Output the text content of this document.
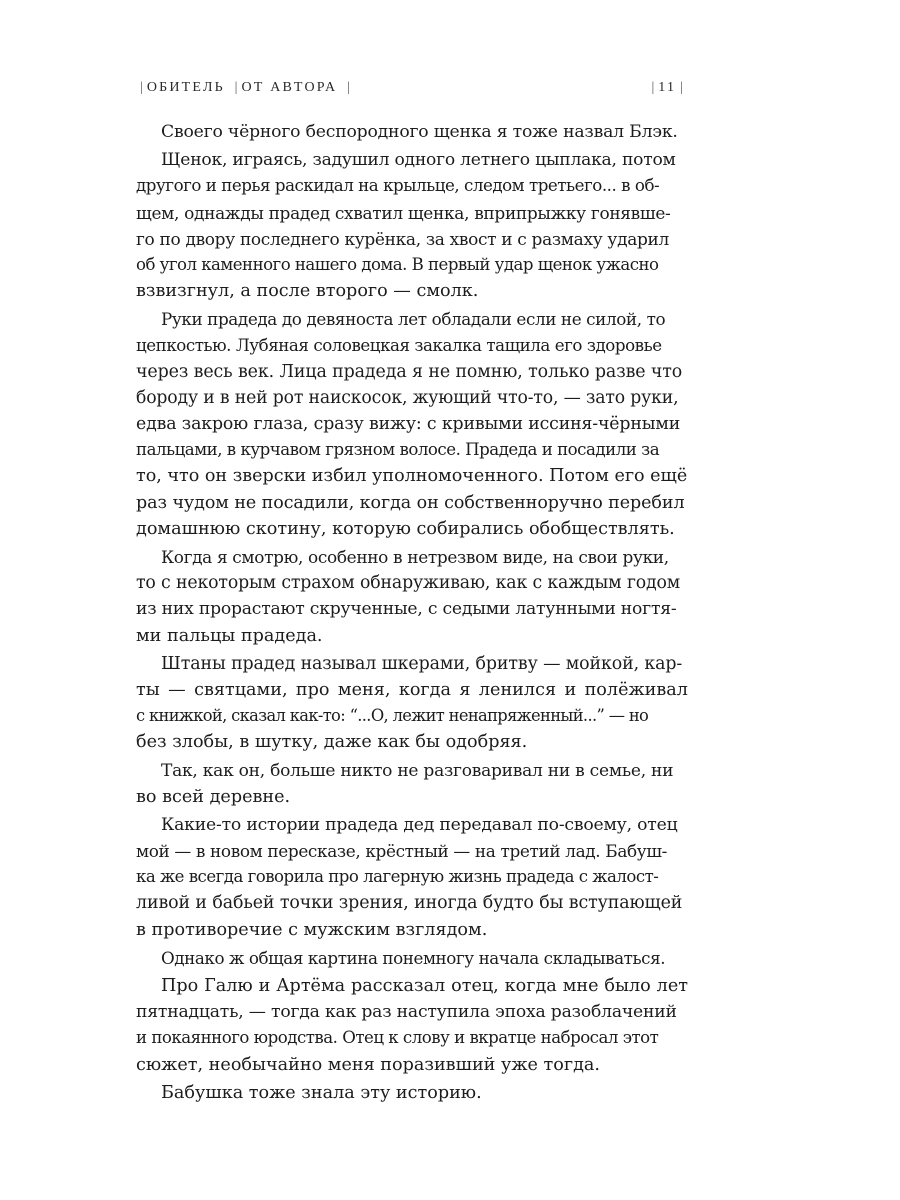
| ОБИТЕЛЬ | ОТ АВТОРА |	| 11 |
Своего чёрного беспородного щенка я тоже назвал Блэк.
Щенок, играясь, задушил одного летнего цыплака, потом
другого и перья раскидал на крыльце, следом третьего... в об-
щем, однажды прадед схватил щенка, вприпрыжку гонявше-
го по двору последнего курёнка, за хвост и с размаху ударил
об угол каменного нашего дома. В первый удар щенок ужасно
взвизгнул, а после второго — смолк.
Руки прадеда до девяноста лет обладали если не силой, то
цепкостью. Лубяная соловецкая закалка тащила его здоровье
через весь век. Лица прадеда я не помню, только разве что
бороду и в ней рот наискосок, жующий что-то, — зато руки,
едва закрою глаза, сразу вижу: с кривыми иссиня-чёрными
пальцами, в курчавом грязном волосе. Прадеда и посадили за
то, что он зверски избил уполномоченного. Потом его ещё
раз чудом не посадили, когда он собственноручно перебил
домашнюю скотину, которую собирались обобществлять.
Когда я смотрю, особенно в нетрезвом виде, на свои руки,
то с некоторым страхом обнаруживаю, как с каждым годом
из них прорастают скрученные, с седыми латунными ногтя-
ми пальцы прадеда.
Штаны прадед называл шкерами, бритву — мойкой, кар-
ты — святцами, про меня, когда я ленился и полёживал
с книжкой, сказал как-то: “...О, лежит ненапряженный...” — но
без злобы, в шутку, даже как бы одобряя.
Так, как он, больше никто не разговаривал ни в семье, ни
во всей деревне.
Какие-то истории прадеда дед передавал по-своему, отец
мой — в новом пересказе, крёстный — на третий лад. Бабуш-
ка же всегда говорила про лагерную жизнь прадеда с жалост-
ливой и бабьей точки зрения, иногда будто бы вступающей
в противоречие с мужским взглядом.
Однако ж общая картина понемногу начала складываться.
Про Галю и Артёма рассказал отец, когда мне было лет
пятнадцать, — тогда как раз наступила эпоха разоблачений
и покаянного юродства. Отец к слову и вкратце набросал этот
сюжет, необычайно меня поразивший уже тогда.
Бабушка тоже знала эту историю.
